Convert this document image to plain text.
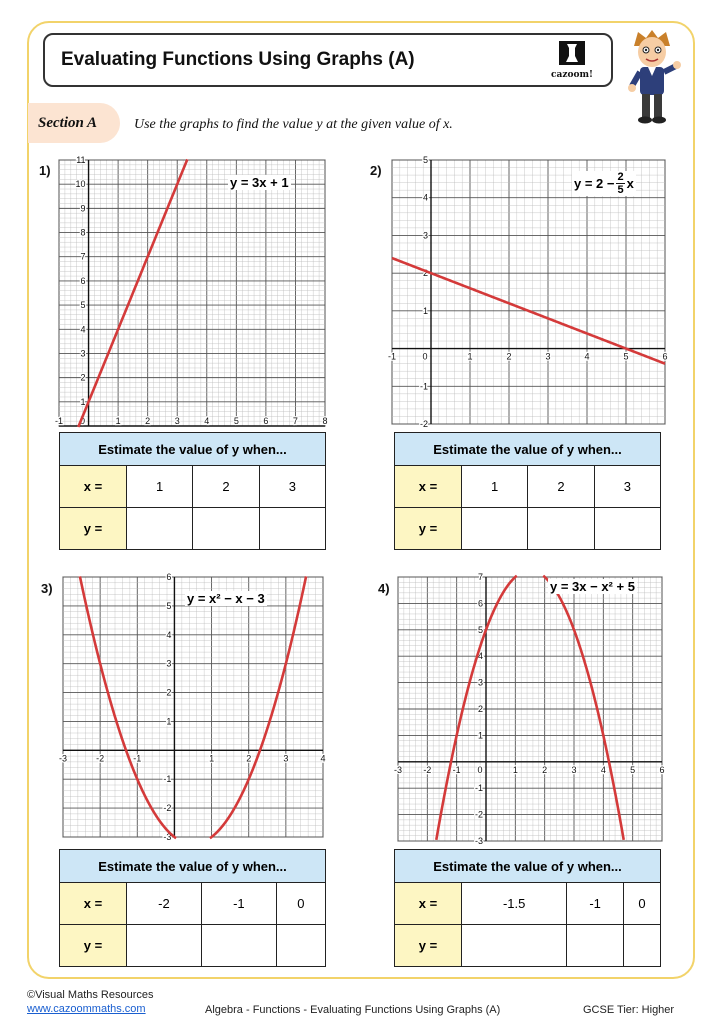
Evaluating Functions Using Graphs (A)
cazoom!
Section A	Use the graphs to find the value y at the given value of x.
1)	2)
3)	4)
-1 0	1	2	3	4	5	6	7	8
1
2
3
4
5
6
7
8
9
10
11
-1	0	1	2	3	4	5	6
-2
-1
1
2
3
4
5
-3	-2	-1	1	2	3	4
-3
-2
-1
1
2
3
4
5
6
-3 -2 -1 0	1	2	3	4	5	6
-3
-2
-1
1
2
3
4
5
6
7
y = 3x + 1	$y = 2 - \frac{2}{5}$ x
y = x² − x − 3
y = 3x − x² + 5
Estimate the value of y when...			
x =	1	2	3
y =			
Estimate the value of y when...			
x =	1	2	3
y =			
Estimate the value of y when...			
x =	-2	-1	0
y =			
Estimate the value of y when...			
x =	-1.5	-1	0
y =			
©Visual Maths Resources
www.cazoommaths.com	Algebra - Functions - Evaluating Functions Using Graphs (A)	GCSE Tier: Higher
